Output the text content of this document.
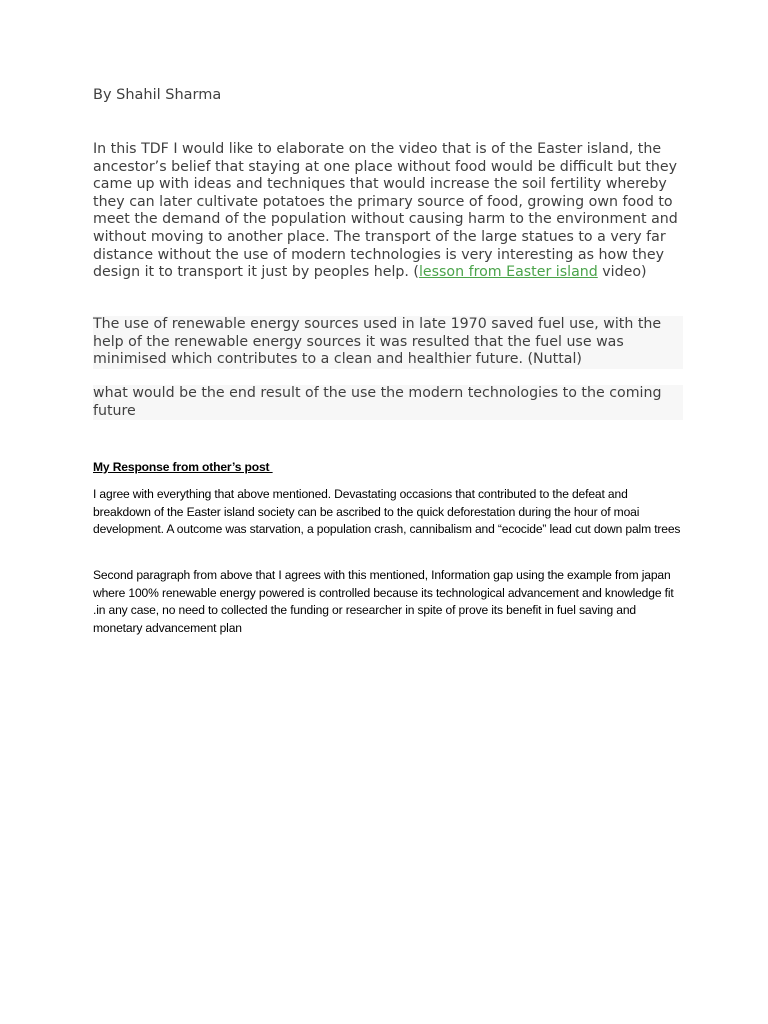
By Shahil Sharma

In this TDF I would like to elaborate on the video that is of the Easter island, the ancestor’s belief that staying at one place without food would be difficult but they came up with ideas and techniques that would increase the soil fertility whereby they can later cultivate potatoes the primary source of food, growing own food to meet the demand of the population without causing harm to the environment and without moving to another place. The transport of the large statues to a very far distance without the use of modern technologies is very interesting as how they design it to transport it just by peoples help. (lesson from Easter island video)

The use of renewable energy sources used in late 1970 saved fuel use, with the help of the renewable energy sources it was resulted that the fuel use was minimised which contributes to a clean and healthier future. (Nuttal)

what would be the end result of the use the modern technologies to the coming future

My Response from other’s post

I agree with everything that above mentioned. Devastating occasions that contributed to the defeat and breakdown of the Easter island society can be ascribed to the quick deforestation during the hour of moai development. A outcome was starvation, a population crash, cannibalism and “ecocide” lead cut down palm trees

Second paragraph from above that I agrees with this mentioned, Information gap using the example from japan where 100% renewable energy powered is controlled because its technological advancement and knowledge fit .in any case, no need to collected the funding or researcher in spite of prove its benefit in fuel saving and monetary advancement plan
